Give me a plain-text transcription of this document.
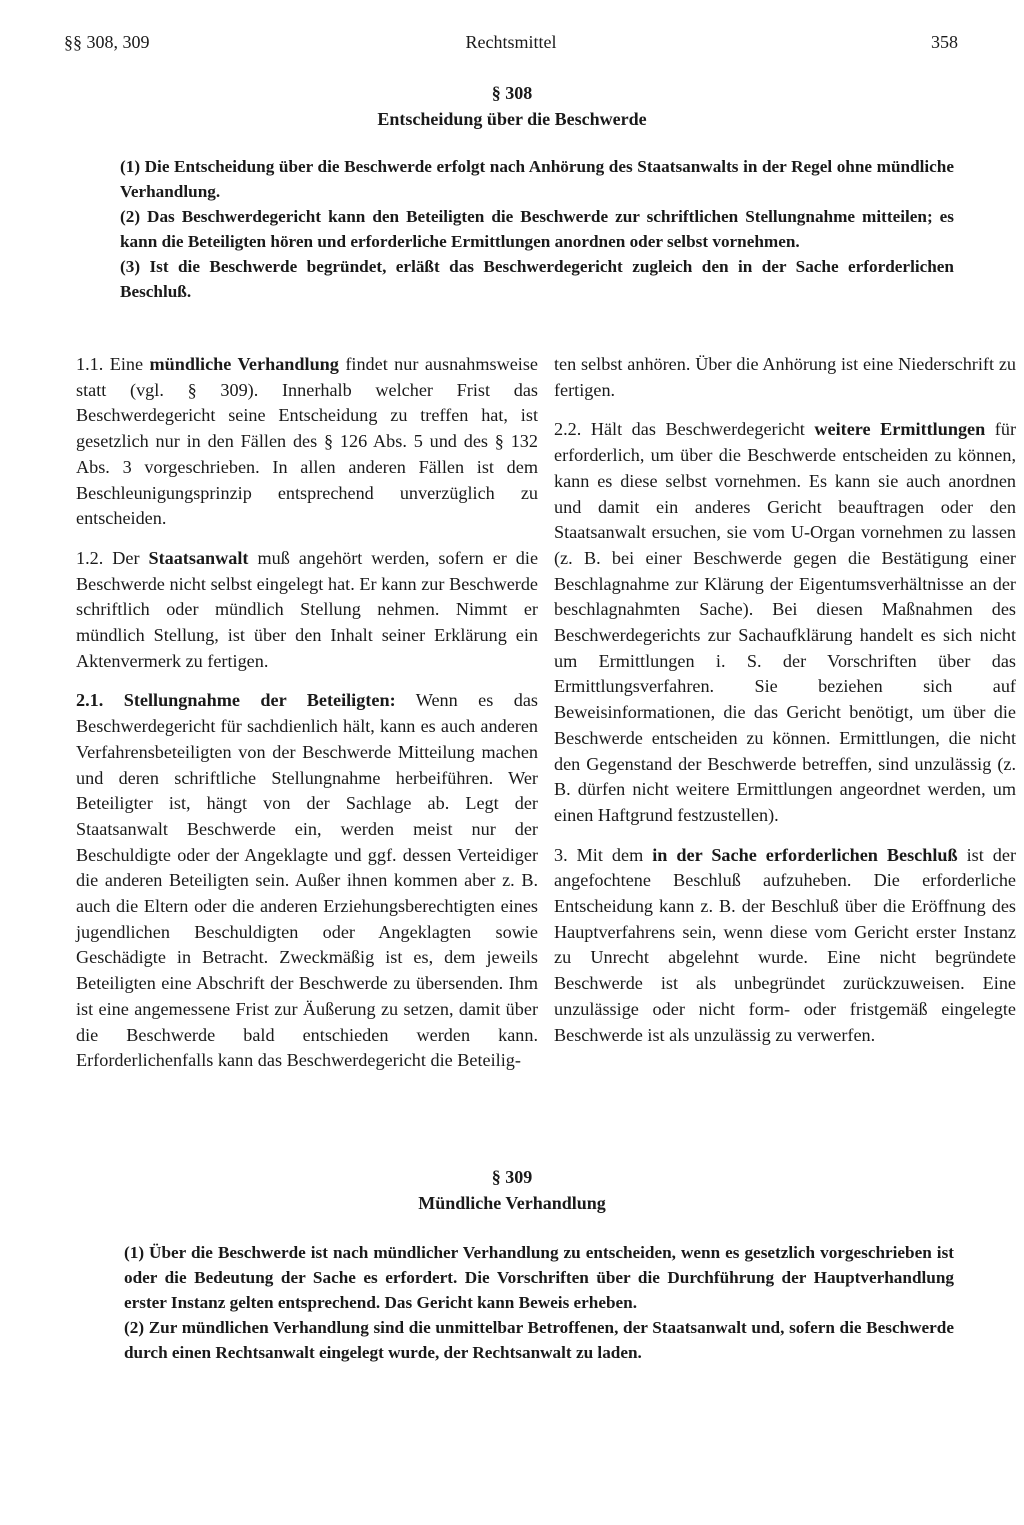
§§ 308, 309	Rechtsmittel	358
§ 308
Entscheidung über die Beschwerde

(1) Die Entscheidung über die Beschwerde erfolgt nach Anhörung des Staatsanwalts in der Regel ohne mündliche Verhandlung.

(2) Das Beschwerdegericht kann den Beteiligten die Beschwerde zur schriftlichen Stellungnahme mitteilen; es kann die Beteiligten hören und erforderliche Ermittlungen anordnen oder selbst vornehmen.

(3) Ist die Beschwerde begründet, erläßt das Beschwerdegericht zugleich den in der Sache erforderlichen Beschluß.

1.1. Eine mündliche Verhandlung findet nur ausnahmsweise statt (vgl. § 309). Innerhalb welcher Frist das Beschwerdegericht seine Entscheidung zu treffen hat, ist gesetzlich nur in den Fällen des § 126 Abs. 5 und des § 132 Abs. 3 vorgeschrieben. In allen anderen Fällen ist dem Beschleunigungsprinzip entsprechend unverzüglich zu entscheiden.

1.2. Der Staatsanwalt muß angehört werden, sofern er die Beschwerde nicht selbst eingelegt hat. Er kann zur Beschwerde schriftlich oder mündlich Stellung nehmen. Nimmt er mündlich Stellung, ist über den Inhalt seiner Erklärung ein Aktenvermerk zu fertigen.

2.1. Stellungnahme der Beteiligten: Wenn es das Beschwerdegericht für sachdienlich hält, kann es auch anderen Verfahrensbeteiligten von der Beschwerde Mitteilung machen und deren schriftliche Stellungnahme herbeiführen. Wer Beteiligter ist, hängt von der Sachlage ab. Legt der Staatsanwalt Beschwerde ein, werden meist nur der Beschuldigte oder der Angeklagte und ggf. dessen Verteidiger die anderen Beteiligten sein. Außer ihnen kommen aber z. B. auch die Eltern oder die anderen Erziehungsberechtigten eines jugendlichen Beschuldigten oder Angeklagten sowie Geschädigte in Betracht. Zweckmäßig ist es, dem jeweils Beteiligten eine Abschrift der Beschwerde zu übersenden. Ihm ist eine angemessene Frist zur Äußerung zu setzen, damit über die Beschwerde bald entschieden werden kann. Erforderlichenfalls kann das Beschwerdegericht die Beteilig-

ten selbst anhören. Über die Anhörung ist eine Niederschrift zu fertigen.

2.2. Hält das Beschwerdegericht weitere Ermittlungen für erforderlich, um über die Beschwerde entscheiden zu können, kann es diese selbst vornehmen. Es kann sie auch anordnen und damit ein anderes Gericht beauftragen oder den Staatsanwalt ersuchen, sie vom U-Organ vornehmen zu lassen (z. B. bei einer Beschwerde gegen die Bestätigung einer Beschlagnahme zur Klärung der Eigentumsverhältnisse an der beschlagnahmten Sache). Bei diesen Maßnahmen des Beschwerdegerichts zur Sachaufklärung handelt es sich nicht um Ermittlungen i. S. der Vorschriften über das Ermittlungsverfahren. Sie beziehen sich auf Beweisinformationen, die das Gericht benötigt, um über die Beschwerde entscheiden zu können. Ermittlungen, die nicht den Gegenstand der Beschwerde betreffen, sind unzulässig (z. B. dürfen nicht weitere Ermittlungen angeordnet werden, um einen Haftgrund festzustellen).

3. Mit dem in der Sache erforderlichen Beschluß ist der angefochtene Beschluß aufzuheben. Die erforderliche Entscheidung kann z. B. der Beschluß über die Eröffnung des Hauptverfahrens sein, wenn diese vom Gericht erster Instanz zu Unrecht abgelehnt wurde. Eine nicht begründete Beschwerde ist als unbegründet zurückzuweisen. Eine unzulässige oder nicht form- oder fristgemäß eingelegte Beschwerde ist als unzulässig zu verwerfen.

§ 309
Mündliche Verhandlung

(1) Über die Beschwerde ist nach mündlicher Verhandlung zu entscheiden, wenn es gesetzlich vorgeschrieben ist oder die Bedeutung der Sache es erfordert. Die Vorschriften über die Durchführung der Hauptverhandlung erster Instanz gelten entsprechend. Das Gericht kann Beweis erheben.

(2) Zur mündlichen Verhandlung sind die unmittelbar Betroffenen, der Staatsanwalt und, sofern die Beschwerde durch einen Rechtsanwalt eingelegt wurde, der Rechtsanwalt zu laden.
